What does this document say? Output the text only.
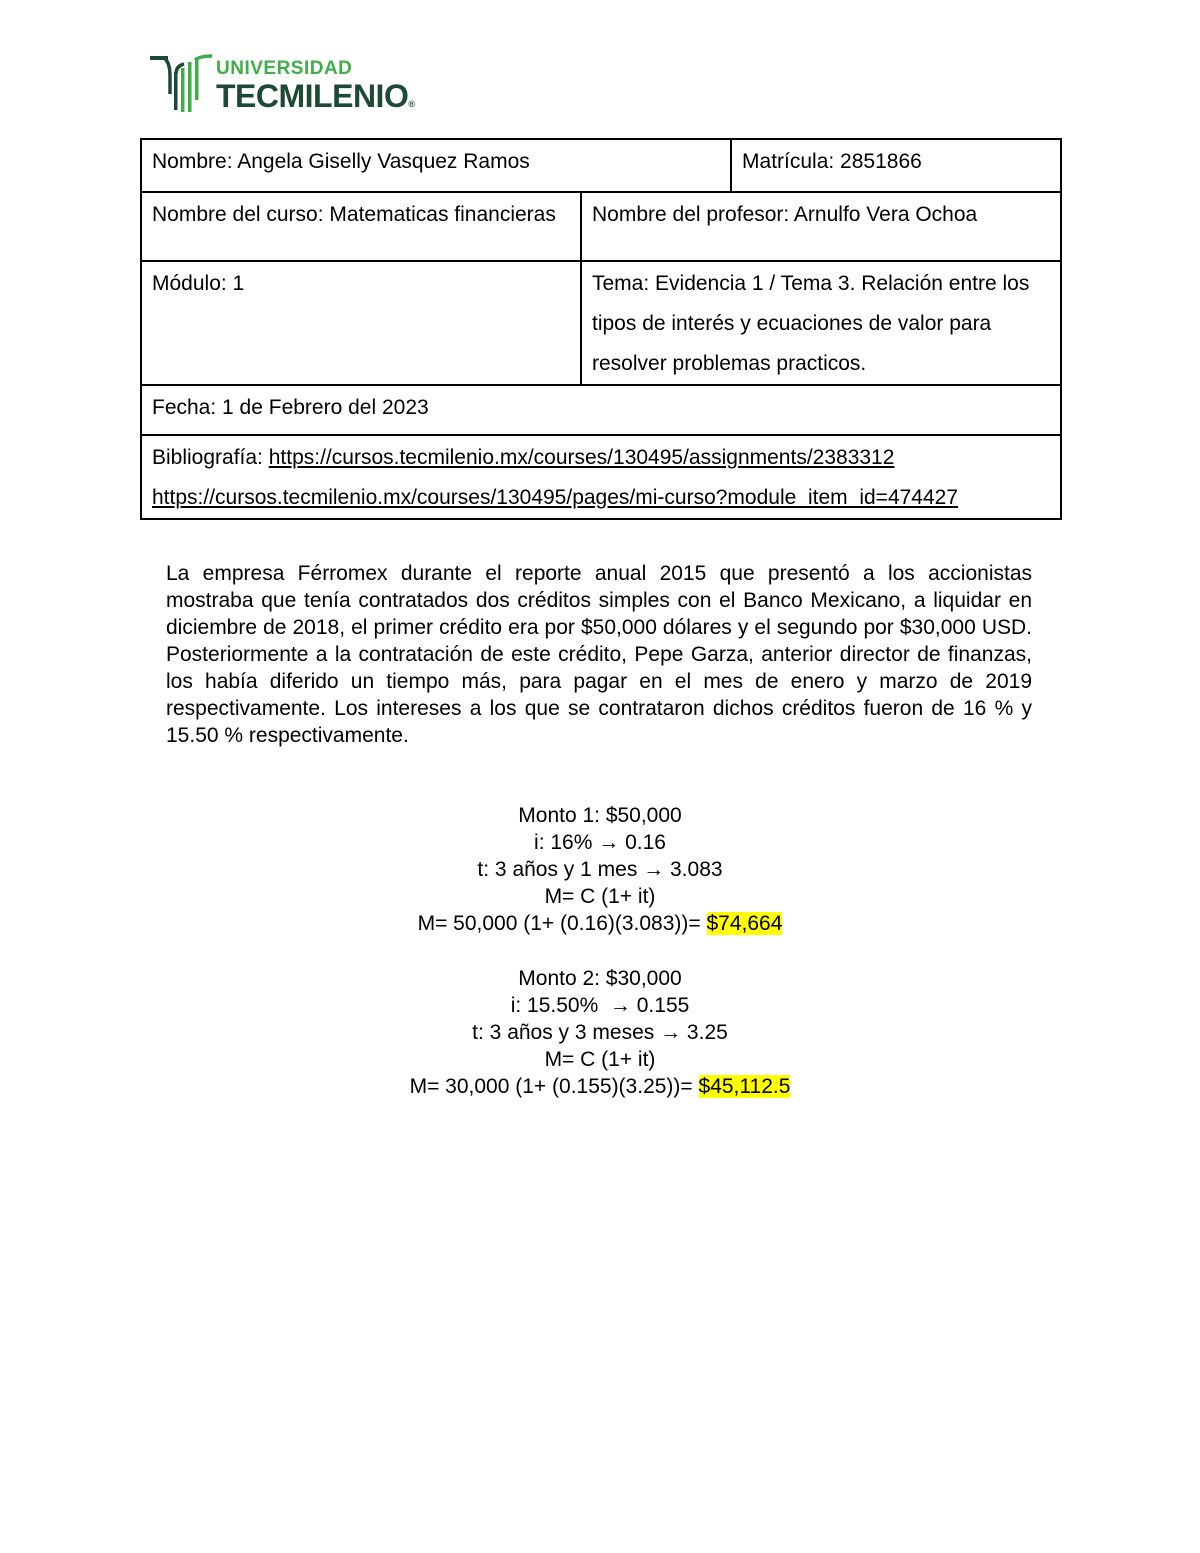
UNIVERSIDAD
TECMILENIO®
Nombre: Angela Giselly Vasquez Ramos		Matrícula: 2851866
Nombre del curso: Matematicas financieras	Nombre del profesor: Arnulfo Vera Ochoa	
Módulo: 1	Tema: Evidencia 1 / Tema 3. Relación entre los tipos de interés y ecuaciones de valor para resolver problemas practicos.	
Fecha: 1 de Febrero del 2023		
Bibliografía: https://cursos.tecmilenio.mx/courses/130495/assignments/2383312
https://cursos.tecmilenio.mx/courses/130495/pages/mi-curso?module_item_id=474427		

La empresa Férromex durante el reporte anual 2015 que presentó a los accionistas mostraba que tenía contratados dos créditos simples con el Banco Mexicano, a liquidar en diciembre de 2018, el primer crédito era por $50,000 dólares y el segundo por $30,000 USD. Posteriormente a la contratación de este crédito, Pepe Garza, anterior director de finanzas, los había diferido un tiempo más, para pagar en el mes de enero y marzo de 2019 respectivamente. Los intereses a los que se contrataron dichos créditos fueron de 16 % y 15.50 % respectivamente.

Monto 1: $50,000
i: 16% → 0.16
t: 3 años y 1 mes → 3.083
M= C (1+ it)
M= 50,000 (1+ (0.16)(3.083))= $74,664
Monto 2: $30,000
i: 15.50%  → 0.155
t: 3 años y 3 meses → 3.25
M= C (1+ it)
M= 30,000 (1+ (0.155)(3.25))= $45,112.5
